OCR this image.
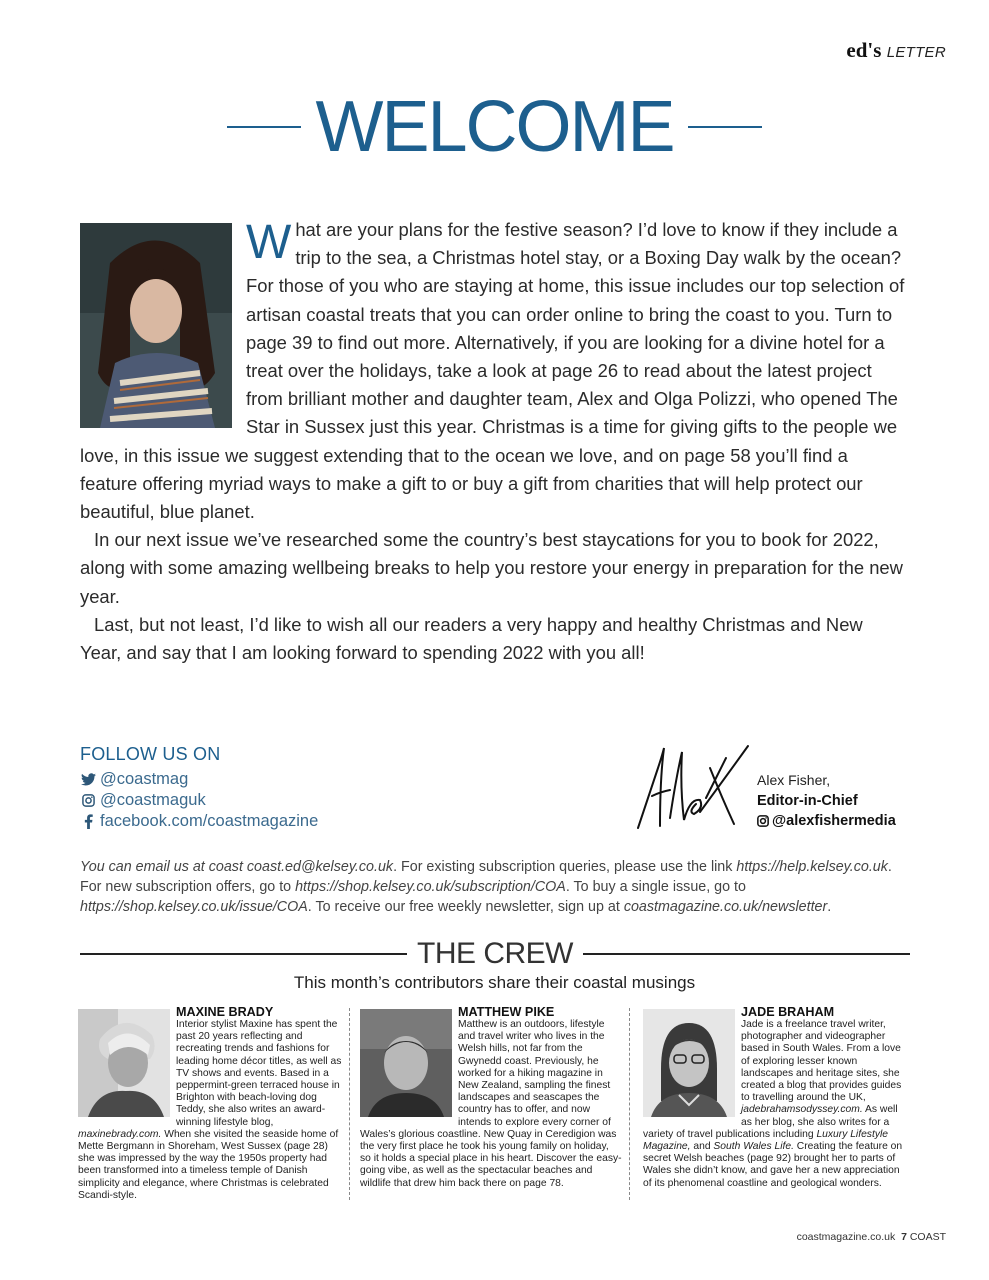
ed's LETTER
WELCOME

What are your plans for the festive season? I’d love to know if they include a trip to the sea, a Christmas hotel stay, or a Boxing Day walk by the ocean? For those of you who are staying at home, this issue includes our top selection of artisan coastal treats that you can order online to bring the coast to you. Turn to page 39 to find out more. Alternatively, if you are looking for a divine hotel for a treat over the holidays, take a look at page 26 to read about the latest project from brilliant mother and daughter team, Alex and Olga Polizzi, who opened The Star in Sussex just this year. Christmas is a time for giving gifts to the people we love, in this issue we suggest extending that to the ocean we love, and on page 58 you’ll find a feature offering myriad ways to make a gift to or buy a gift from charities that will help protect our beautiful, blue planet.

In our next issue we’ve researched some the country’s best staycations for you to book for 2022, along with some amazing wellbeing breaks to help you restore your energy in preparation for the new year.

Last, but not least, I’d like to wish all our readers a very happy and healthy Christmas and New Year, and say that I am looking forward to spending 2022 with you all!

FOLLOW US ON
@coastmag
@coastmaguk
facebook.com/coastmagazine
Alex Fisher,
Editor-in-Chief
@alexfishermedia
You can email us at coast coast.ed@kelsey.co.uk. For existing subscription queries, please use the link https://help.kelsey.co.uk. For new subscription offers, go to https://shop.kelsey.co.uk/subscription/COA. To buy a single issue, go to https://shop.kelsey.co.uk/issue/COA. To receive our free weekly newsletter, sign up at coastmagazine.co.uk/newsletter.
THE CREW
This month’s contributors share their coastal musings
MAXINE BRADY
Interior stylist Maxine has spent the past 20 years reflecting and recreating trends and fashions for leading home décor titles, as well as TV shows and events. Based in a peppermint-green terraced house in Brighton with beach-loving dog Teddy, she also writes an award-winning lifestyle blog, maxinebrady.com. When she visited the seaside home of Mette Bergmann in Shoreham, West Sussex (page 28) she was impressed by the way the 1950s property had been transformed into a timeless temple of Danish simplicity and elegance, where Christmas is celebrated Scandi-style.
MATTHEW PIKE
Matthew is an outdoors, lifestyle and travel writer who lives in the Welsh hills, not far from the Gwynedd coast. Previously, he worked for a hiking magazine in New Zealand, sampling the finest landscapes and seascapes the country has to offer, and now intends to explore every corner of Wales’s glorious coastline. New Quay in Ceredigion was the very first place he took his young family on holiday, so it holds a special place in his heart. Discover the easy-going vibe, as well as the spectacular beaches and wildlife that drew him back there on page 78.
JADE BRAHAM
Jade is a freelance travel writer, photographer and videographer based in South Wales. From a love of exploring lesser known landscapes and heritage sites, she created a blog that provides guides to travelling around the UK, jadebrahamsodyssey.com. As well as her blog, she also writes for a variety of travel publications including Luxury Lifestyle Magazine, and South Wales Life. Creating the feature on secret Welsh beaches (page 92) brought her to parts of Wales she didn’t know, and gave her a new appreciation of its phenomenal coastline and geological wonders.
coastmagazine.co.uk 7 COAST
